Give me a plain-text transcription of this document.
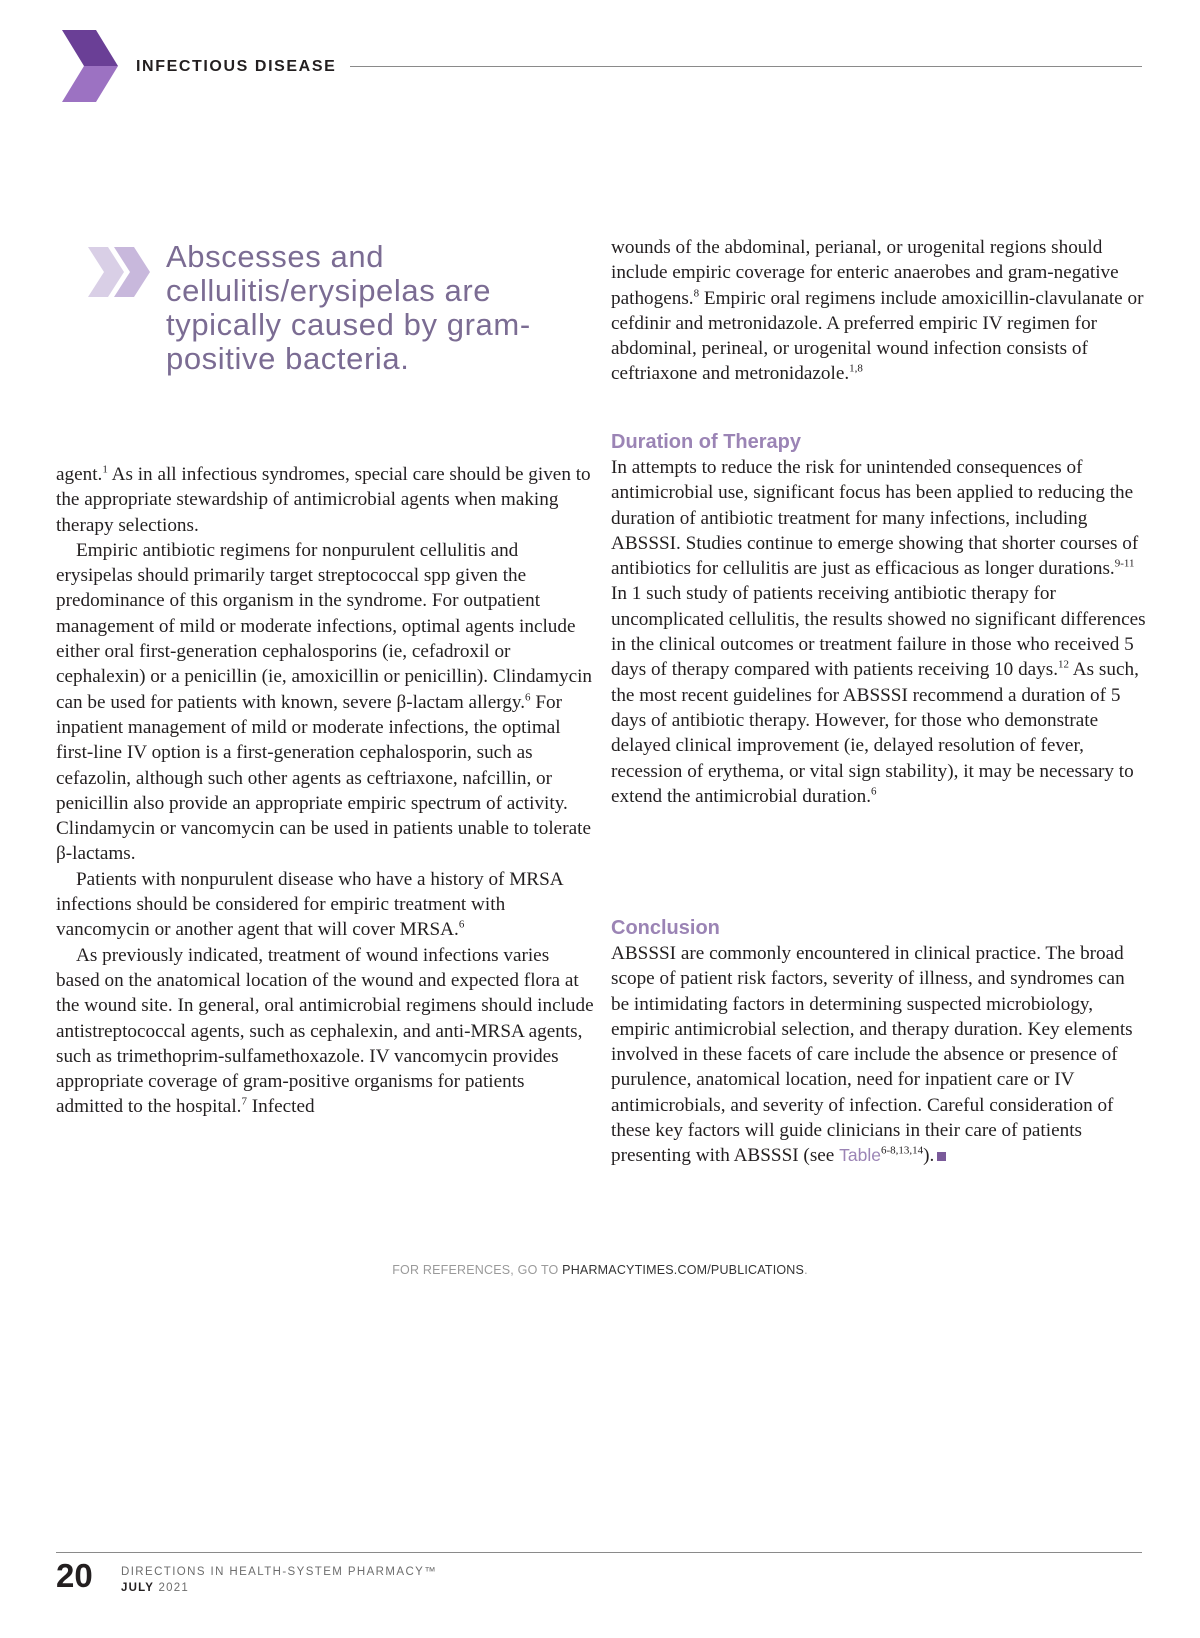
INFECTIOUS DISEASE

Abscesses and cellulitis/erysipelas are typically caused by gram-positive bacteria.

agent.$^1$ As in all infectious syndromes, special care should be given to the appropriate stewardship of antimicrobial agents when making therapy selections.

Empiric antibiotic regimens for nonpurulent cellulitis and erysipelas should primarily target streptococcal spp given the predominance of this organism in the syndrome. For outpatient management of mild or moderate infections, optimal agents include either oral first-generation cephalosporins (ie, cefadroxil or cephalexin) or a penicillin (ie, amoxicillin or penicillin). Clindamycin can be used for patients with known, severe β-lactam allergy.$^6$ For inpatient management of mild or moderate infections, the optimal first-line IV option is a first-generation cephalosporin, such as cefazolin, although such other agents as ceftriaxone, nafcillin, or penicillin also provide an appropriate empiric spectrum of activity. Clindamycin or vancomycin can be used in patients unable to tolerate β-lactams.

Patients with nonpurulent disease who have a history of MRSA infections should be considered for empiric treatment with vancomycin or another agent that will cover MRSA.$^6$

As previously indicated, treatment of wound infections varies based on the anatomical location of the wound and expected flora at the wound site. In general, oral antimicrobial regimens should include antistreptococcal agents, such as cephalexin, and anti-MRSA agents, such as trimethoprim-sulfamethoxazole. IV vancomycin provides appropriate coverage of gram-positive organisms for patients admitted to the hospital.$^7$ Infected

wounds of the abdominal, perianal, or urogenital regions should include empiric coverage for enteric anaerobes and gram-negative pathogens.$^8$ Empiric oral regimens include amoxicillin-clavulanate or cefdinir and metronidazole. A preferred empiric IV regimen for abdominal, perineal, or urogenital wound infection consists of ceftriaxone and metronidazole.$^{1,8}$

Duration of Therapy

In attempts to reduce the risk for unintended consequences of antimicrobial use, significant focus has been applied to reducing the duration of antibiotic treatment for many infections, including ABSSSI. Studies continue to emerge showing that shorter courses of antibiotics for cellulitis are just as efficacious as longer durations.$^{9-11}$ In 1 such study of patients receiving antibiotic therapy for uncomplicated cellulitis, the results showed no significant differences in the clinical outcomes or treatment failure in those who received 5 days of therapy compared with patients receiving 10 days.$^{12}$ As such, the most recent guidelines for ABSSSI recommend a duration of 5 days of antibiotic therapy. However, for those who demonstrate delayed clinical improvement (ie, delayed resolution of fever, recession of erythema, or vital sign stability), it may be necessary to extend the antimicrobial duration.$^6$

Conclusion

ABSSSI are commonly encountered in clinical practice. The broad scope of patient risk factors, severity of illness, and syndromes can be intimidating factors in determining suspected microbiology, empiric antimicrobial selection, and therapy duration. Key elements involved in these facets of care include the absence or presence of purulence, anatomical location, need for inpatient care or IV antimicrobials, and severity of infection. Careful consideration of these key factors will guide clinicians in their care of patients presenting with ABSSSI (see Table$^{6-8,13,14}$).

FOR REFERENCES, GO TO PHARMACYTIMES.COM/PUBLICATIONS.
20 DIRECTIONS IN HEALTH-SYSTEM PHARMACY™
JULY 2021
